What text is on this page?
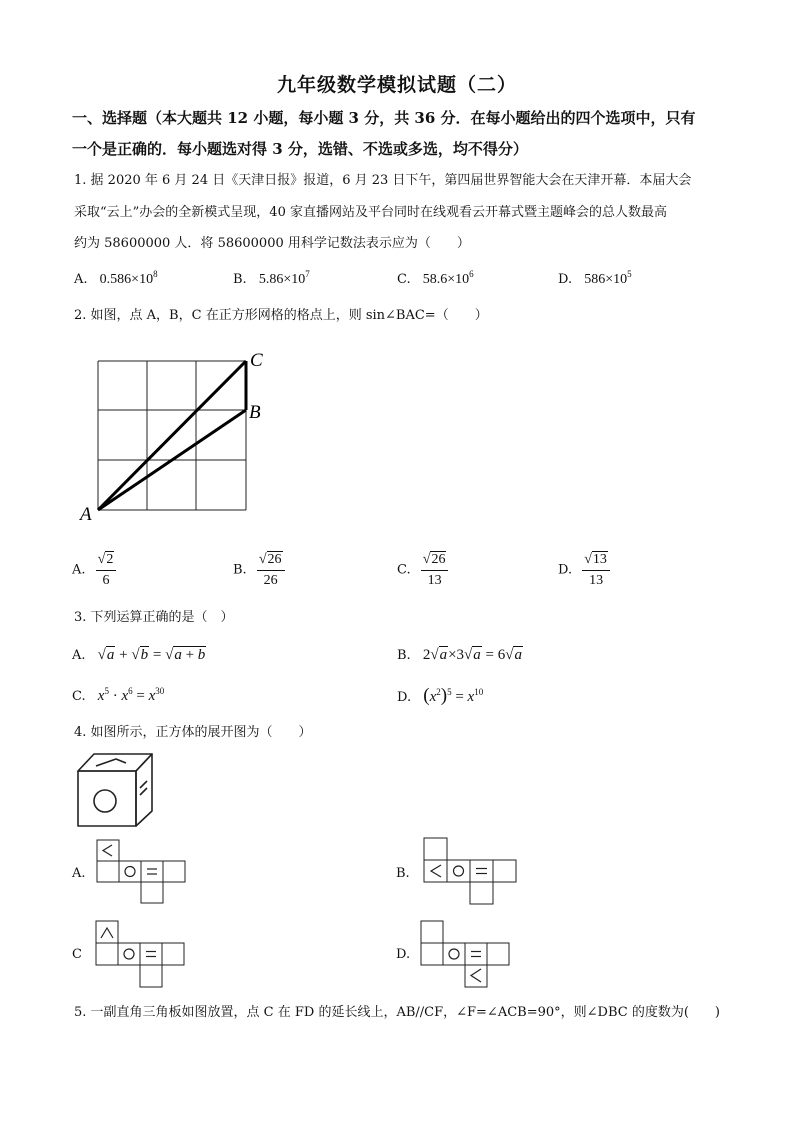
九年级数学模拟试题（二）
一、选择题（本大题共 12 小题，每小题 3 分，共 36 分．在每小题给出的四个选项中，只有
一个是正确的．每小题选对得 3 分，选错、不选或多选，均不得分）
1. 据 2020 年 6 月 24 日《天津日报》报道，6 月 23 日下午，第四届世界智能大会在天津开幕．本届大会
采取“云上”办会的全新模式呈现，40 家直播网站及平台同时在线观看云开幕式暨主题峰会的总人数最高
约为 58600000 人．将 58600000 用科学记数法表示应为（　　）
A. $0.586\times 10^8$	B. $5.86\times 10^7$	C. $58.6\times 10^6$	D. $586\times 10^5$
2. 如图，点 A，B，C 在正方形网格的格点上，则 sin∠BAC=（　　）
C
B
A
A. $\frac{√2}{6}$	B. $\frac{√26}{26}$	C. $\frac{√26}{13}$	D. $\frac{√13}{13}$
3. 下列运算正确的是（　）
A. √a + √b = √a + b	B. 2√a×3√a = 6√a
C. $x^5 \cdot x^6 = x^{30}$	D. $(x^2)^5 = x^{10}$
4. 如图所示，正方体的展开图为（　　）
A.	B.
C	D.
5. 一副直角三角板如图放置，点 C 在 FD 的延长线上，AB//CF，∠F=∠ACB=90°，则∠DBC 的度数为(　　)
